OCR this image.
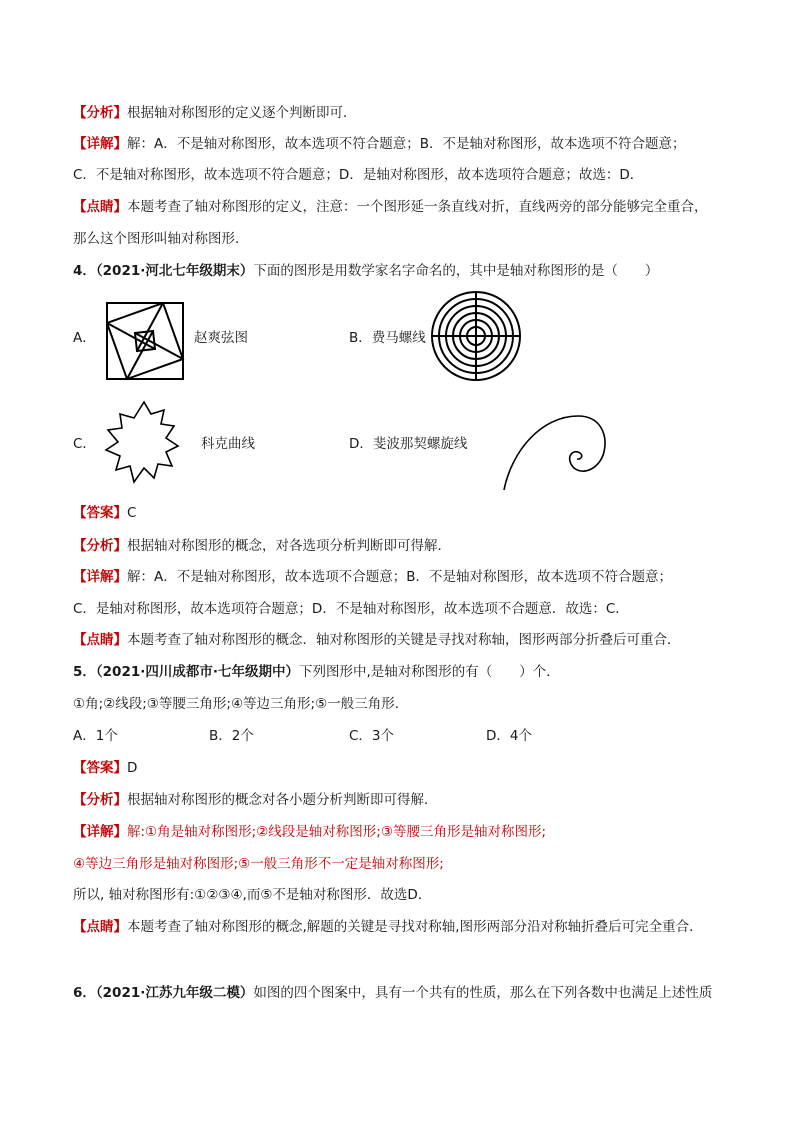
【分析】根据轴对称图形的定义逐个判断即可．
【详解】解：A．不是轴对称图形，故本选项不符合题意；B．不是轴对称图形，故本选项不符合题意；
C．不是轴对称图形，故本选项不符合题意；D．是轴对称图形，故本选项符合题意；故选：D．
【点睛】本题考查了轴对称图形的定义，注意：一个图形延一条直线对折，直线两旁的部分能够完全重合，
那么这个图形叫轴对称图形．
4．（2021·河北七年级期末）下面的图形是用数学家名字命名的，其中是轴对称图形的是（　　）
A．	赵爽弦图	B．费马螺线
C．	科克曲线	D．斐波那契螺旋线
【答案】C
【分析】根据轴对称图形的概念，对各选项分析判断即可得解．
【详解】解：A．不是轴对称图形，故本选项不合题意；B．不是轴对称图形，故本选项不符合题意；
C．是轴对称图形，故本选项符合题意；D．不是轴对称图形，故本选项不合题意．故选：C．
【点睛】本题考查了轴对称图形的概念．轴对称图形的关键是寻找对称轴，图形两部分折叠后可重合．
5．（2021·四川成都市·七年级期中）下列图形中,是轴对称图形的有（　　）个．
①角;②线段;③等腰三角形;④等边三角形;⑤一般三角形．
A．1个	B．2个	C．3个	D．4个
【答案】D
【分析】根据轴对称图形的概念对各小题分析判断即可得解．
【详解】解:①角是轴对称图形;②线段是轴对称图形;③等腰三角形是轴对称图形;
④等边三角形是轴对称图形;⑤一般三角形不一定是轴对称图形;
所以, 轴对称图形有:①②③④,而⑤不是轴对称图形．故选D．
【点睛】本题考查了轴对称图形的概念,解题的关键是寻找对称轴,图形两部分沿对称轴折叠后可完全重合．
6．（2021·江苏九年级二模）如图的四个图案中，具有一个共有的性质，那么在下列各数中也满足上述性质
